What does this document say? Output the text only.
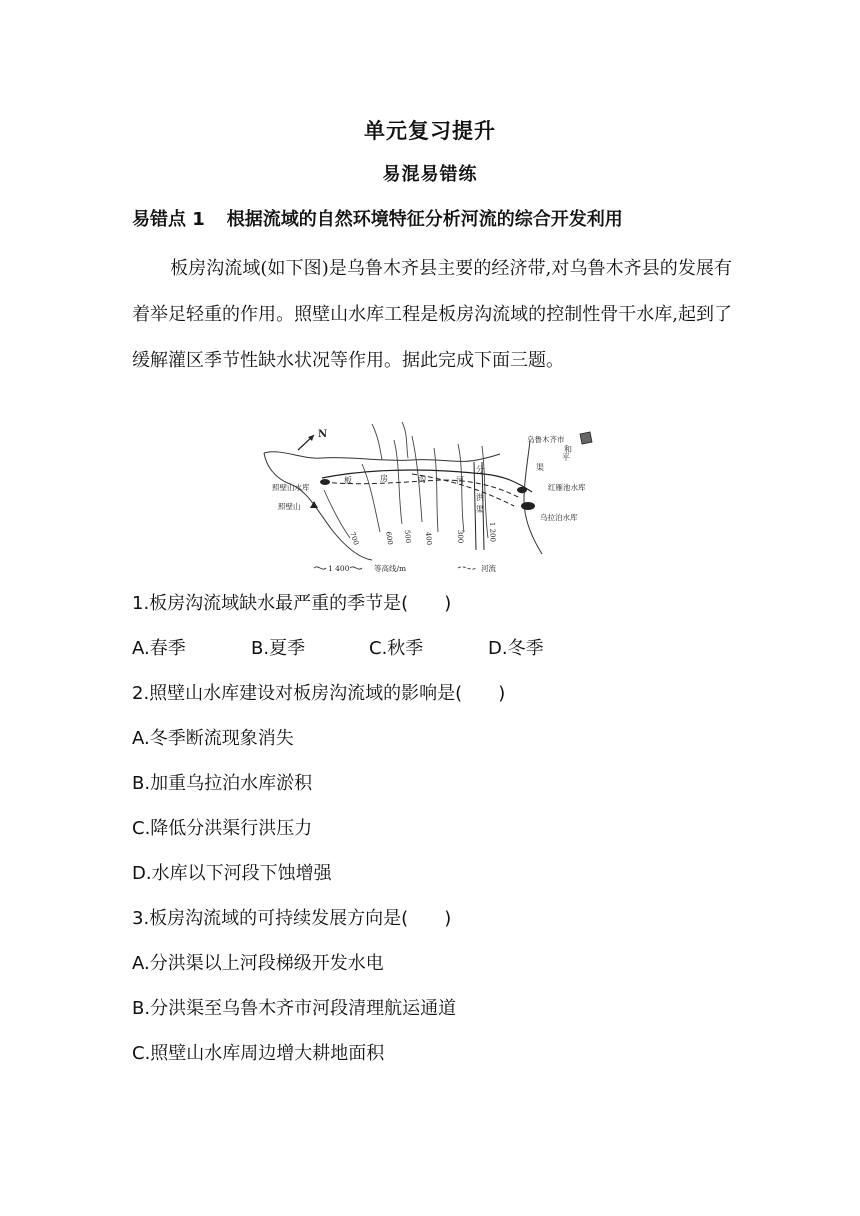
单元复习提升
易混易错练
易错点 1 根据流域的自然环境特征分析河流的综合开发利用
板房沟流域(如下图)是乌鲁木齐县主要的经济带,对乌鲁木齐县的发展有着举足轻重的作用。照壁山水库工程是板房沟流域的控制性骨干水库,起到了缓解灌区季节性缺水状况等作用。据此完成下面三题。
N	乌鲁木齐市
和
平
渠
板	房	沟	河
分
洪
渠
照壁山水库
照壁山
红雁池水库
乌拉泊水库
700	600 500 400	300	1 200
1 400	等高线/m	河流
1.板房沟流域缺水最严重的季节是(　　)
A.春季	B.夏季	C.秋季	D.冬季
2.照壁山水库建设对板房沟流域的影响是(　　)
A.冬季断流现象消失
B.加重乌拉泊水库淤积
C.降低分洪渠行洪压力
D.水库以下河段下蚀增强
3.板房沟流域的可持续发展方向是(　　)
A.分洪渠以上河段梯级开发水电
B.分洪渠至乌鲁木齐市河段清理航运通道
C.照壁山水库周边增大耕地面积
